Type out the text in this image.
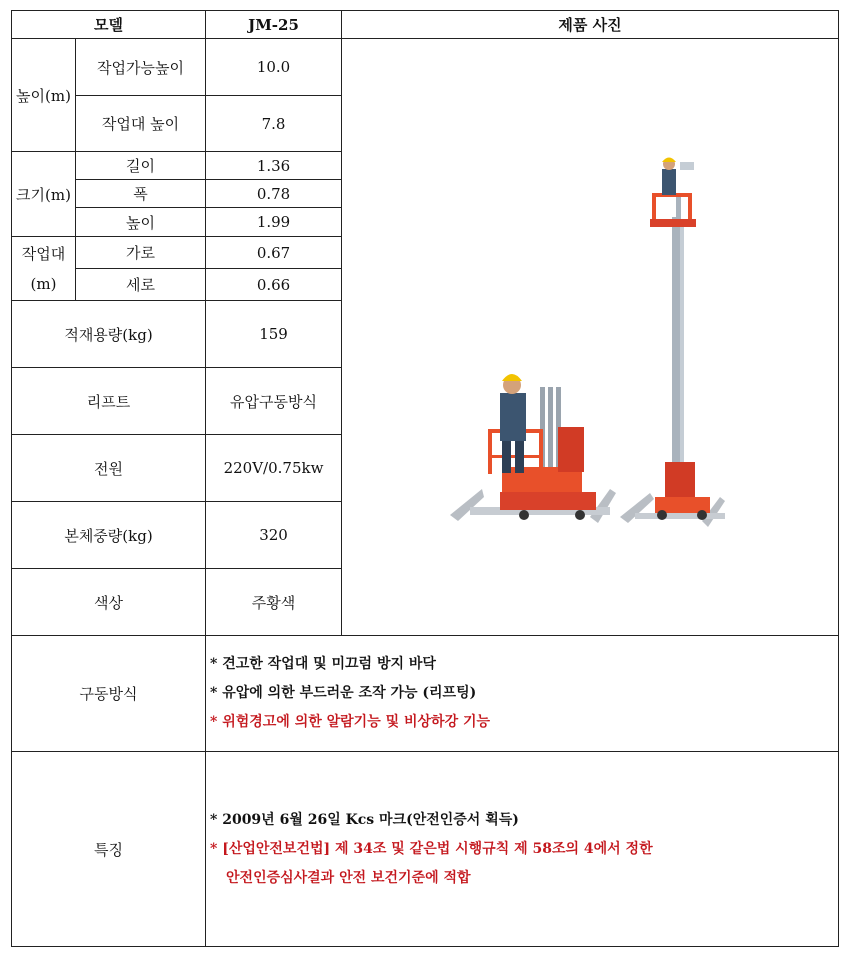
모델		JM-25	제품 사진
높이(m)	작업가능높이	10.0	

	작업대 높이	7.8	
크기(m)	길이	1.36	
	폭	0.78	
	높이	1.99	
작업대(m)	가로	0.67	
	세로	0.66	
적재용량(kg)		159	
리프트		유압구동방식	
전원		220V/0.75kw	
본체중량(kg)		320	
색상		주황색	
구동방식		* 견고한 작업대 및 미끄럼 방지 바닥
* 유압에 의한 부드러운 조작 가능 (리프팅)
* 위험경고에 의한 알람기능 및 비상하강 기능	

특징		* 2009년 6월 26일 Kcs 마크(안전인증서 획득)
* [산업안전보건법] 제 34조 및 같은법 시행규칙 제 58조의 4에서 정한
안전인증심사결과 안전 보건기준에 적합	
